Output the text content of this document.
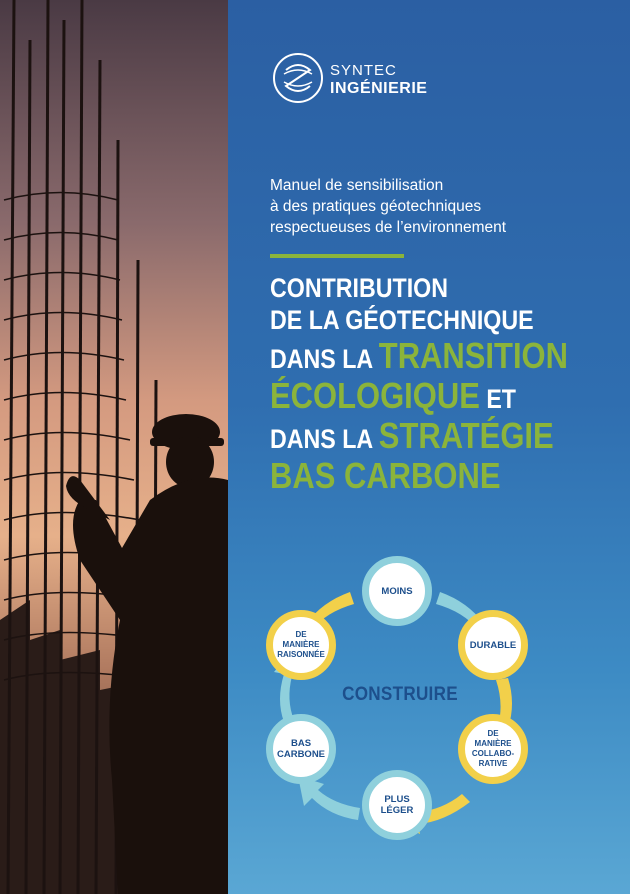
SYNTEC
INGÉNIERIE
Manuel de sensibilisation
à des pratiques géotechniques
respectueuses de l’environnement
CONTRIBUTION
DE LA GÉOTECHNIQUE
DANS LA TRANSITION
ÉCOLOGIQUE ET
DANS LA STRATÉGIE
BAS CARBONE
MOINS
DURABLE
DE MANIÈRE COLLABO-RATIVE
PLUS LÉGER
BAS CARBONE
DE MANIÈRE RAISONNÉE
CONSTRUIRE
